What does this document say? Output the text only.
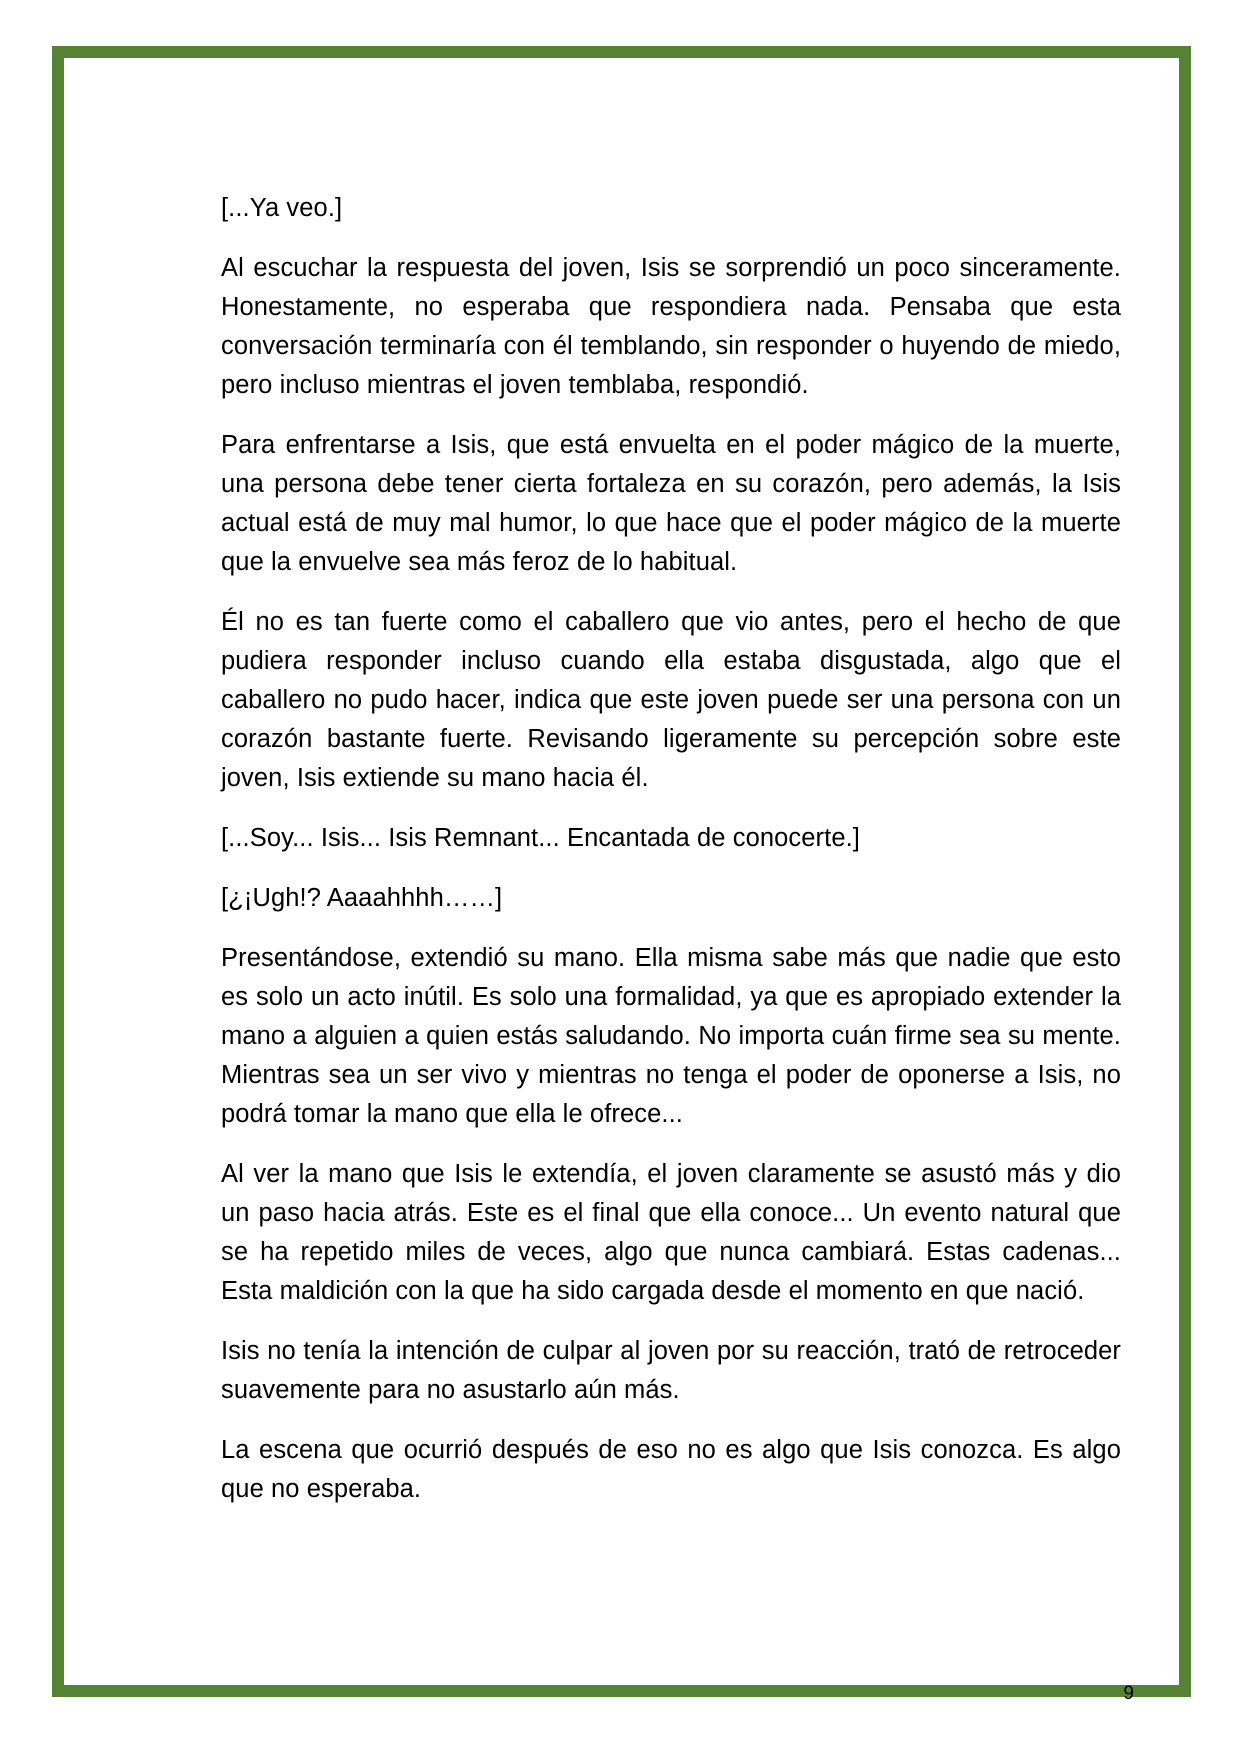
[...Ya veo.]

Al escuchar la respuesta del joven, Isis se sorprendió un poco sinceramente. Honestamente, no esperaba que respondiera nada. Pensaba que esta conversación terminaría con él temblando, sin responder o huyendo de miedo, pero incluso mientras el joven temblaba, respondió.

Para enfrentarse a Isis, que está envuelta en el poder mágico de la muerte, una persona debe tener cierta fortaleza en su corazón, pero además, la Isis actual está de muy mal humor, lo que hace que el poder mágico de la muerte que la envuelve sea más feroz de lo habitual.

Él no es tan fuerte como el caballero que vio antes, pero el hecho de que pudiera responder incluso cuando ella estaba disgustada, algo que el caballero no pudo hacer, indica que este joven puede ser una persona con un corazón bastante fuerte. Revisando ligeramente su percepción sobre este joven, Isis extiende su mano hacia él.

[...Soy... Isis... Isis Remnant... Encantada de conocerte.]

[¿¡Ugh!? Aaaahhhh……]

Presentándose, extendió su mano. Ella misma sabe más que nadie que esto es solo un acto inútil. Es solo una formalidad, ya que es apropiado extender la mano a alguien a quien estás saludando. No importa cuán firme sea su mente. Mientras sea un ser vivo y mientras no tenga el poder de oponerse a Isis, no podrá tomar la mano que ella le ofrece...

Al ver la mano que Isis le extendía, el joven claramente se asustó más y dio un paso hacia atrás. Este es el final que ella conoce... Un evento natural que se ha repetido miles de veces, algo que nunca cambiará. Estas cadenas... Esta maldición con la que ha sido cargada desde el momento en que nació.

Isis no tenía la intención de culpar al joven por su reacción, trató de retroceder suavemente para no asustarlo aún más.

La escena que ocurrió después de eso no es algo que Isis conozca. Es algo que no esperaba.

9
